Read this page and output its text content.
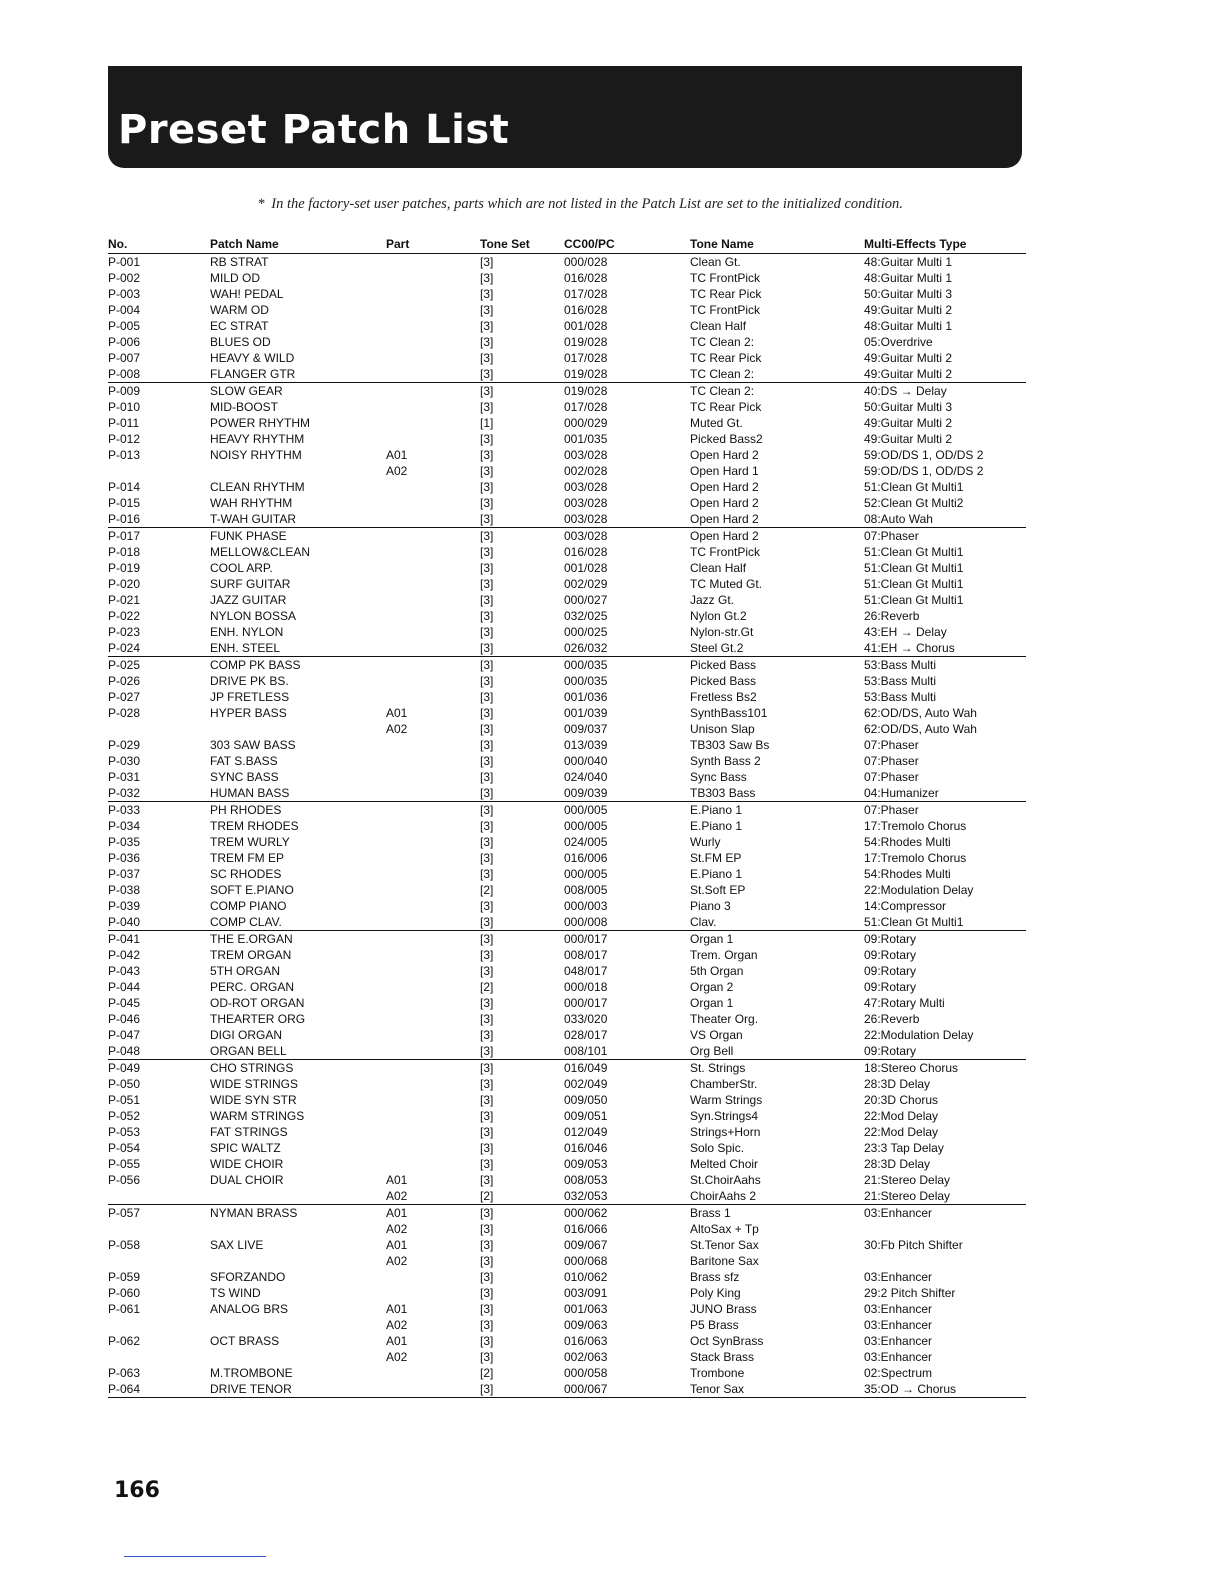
Preset Patch List
* In the factory-set user patches, parts which are not listed in the Patch List are set to the initialized condition.
No.	Patch Name	Part	Tone Set	CC00/PC	Tone Name	Multi-Effects Type
P-001	RB STRAT		[3]	000/028	Clean Gt.	48:Guitar Multi 1
P-002	MILD OD		[3]	016/028	TC FrontPick	48:Guitar Multi 1
P-003	WAH! PEDAL		[3]	017/028	TC Rear Pick	50:Guitar Multi 3
P-004	WARM OD		[3]	016/028	TC FrontPick	49:Guitar Multi 2
P-005	EC STRAT		[3]	001/028	Clean Half	48:Guitar Multi 1
P-006	BLUES OD		[3]	019/028	TC Clean 2:	05:Overdrive
P-007	HEAVY & WILD		[3]	017/028	TC Rear Pick	49:Guitar Multi 2
P-008	FLANGER GTR		[3]	019/028	TC Clean 2:	49:Guitar Multi 2
P-009	SLOW GEAR		[3]	019/028	TC Clean 2:	40:DS → Delay
P-010	MID-BOOST		[3]	017/028	TC Rear Pick	50:Guitar Multi 3
P-011	POWER RHYTHM		[1]	000/029	Muted Gt.	49:Guitar Multi 2
P-012	HEAVY RHYTHM		[3]	001/035	Picked Bass2	49:Guitar Multi 2
P-013	NOISY RHYTHM	A01	[3]	003/028	Open Hard 2	59:OD/DS 1, OD/DS 2
		A02	[3]	002/028	Open Hard 1	59:OD/DS 1, OD/DS 2
P-014	CLEAN RHYTHM		[3]	003/028	Open Hard 2	51:Clean Gt Multi1
P-015	WAH RHYTHM		[3]	003/028	Open Hard 2	52:Clean Gt Multi2
P-016	T-WAH GUITAR		[3]	003/028	Open Hard 2	08:Auto Wah
P-017	FUNK PHASE		[3]	003/028	Open Hard 2	07:Phaser
P-018	MELLOW&CLEAN		[3]	016/028	TC FrontPick	51:Clean Gt Multi1
P-019	COOL ARP.		[3]	001/028	Clean Half	51:Clean Gt Multi1
P-020	SURF GUITAR		[3]	002/029	TC Muted Gt.	51:Clean Gt Multi1
P-021	JAZZ GUITAR		[3]	000/027	Jazz Gt.	51:Clean Gt Multi1
P-022	NYLON BOSSA		[3]	032/025	Nylon Gt.2	26:Reverb
P-023	ENH. NYLON		[3]	000/025	Nylon-str.Gt	43:EH → Delay
P-024	ENH. STEEL		[3]	026/032	Steel Gt.2	41:EH → Chorus
P-025	COMP PK BASS		[3]	000/035	Picked Bass	53:Bass Multi
P-026	DRIVE PK BS.		[3]	000/035	Picked Bass	53:Bass Multi
P-027	JP FRETLESS		[3]	001/036	Fretless Bs2	53:Bass Multi
P-028	HYPER BASS	A01	[3]	001/039	SynthBass101	62:OD/DS, Auto Wah
		A02	[3]	009/037	Unison Slap	62:OD/DS, Auto Wah
P-029	303 SAW BASS		[3]	013/039	TB303 Saw Bs	07:Phaser
P-030	FAT S.BASS		[3]	000/040	Synth Bass 2	07:Phaser
P-031	SYNC BASS		[3]	024/040	Sync Bass	07:Phaser
P-032	HUMAN BASS		[3]	009/039	TB303 Bass	04:Humanizer
P-033	PH RHODES		[3]	000/005	E.Piano 1	07:Phaser
P-034	TREM RHODES		[3]	000/005	E.Piano 1	17:Tremolo Chorus
P-035	TREM WURLY		[3]	024/005	Wurly	54:Rhodes Multi
P-036	TREM FM EP		[3]	016/006	St.FM EP	17:Tremolo Chorus
P-037	SC RHODES		[3]	000/005	E.Piano 1	54:Rhodes Multi
P-038	SOFT E.PIANO		[2]	008/005	St.Soft EP	22:Modulation Delay
P-039	COMP PIANO		[3]	000/003	Piano 3	14:Compressor
P-040	COMP CLAV.		[3]	000/008	Clav.	51:Clean Gt Multi1
P-041	THE E.ORGAN		[3]	000/017	Organ 1	09:Rotary
P-042	TREM ORGAN		[3]	008/017	Trem. Organ	09:Rotary
P-043	5TH ORGAN		[3]	048/017	5th Organ	09:Rotary
P-044	PERC. ORGAN		[2]	000/018	Organ 2	09:Rotary
P-045	OD-ROT ORGAN		[3]	000/017	Organ 1	47:Rotary Multi
P-046	THEARTER ORG		[3]	033/020	Theater Org.	26:Reverb
P-047	DIGI ORGAN		[3]	028/017	VS Organ	22:Modulation Delay
P-048	ORGAN BELL		[3]	008/101	Org Bell	09:Rotary
P-049	CHO STRINGS		[3]	016/049	St. Strings	18:Stereo Chorus
P-050	WIDE STRINGS		[3]	002/049	ChamberStr.	28:3D Delay
P-051	WIDE SYN STR		[3]	009/050	Warm Strings	20:3D Chorus
P-052	WARM STRINGS		[3]	009/051	Syn.Strings4	22:Mod Delay
P-053	FAT STRINGS		[3]	012/049	Strings+Horn	22:Mod Delay
P-054	SPIC WALTZ		[3]	016/046	Solo Spic.	23:3 Tap Delay
P-055	WIDE CHOIR		[3]	009/053	Melted Choir	28:3D Delay
P-056	DUAL CHOIR	A01	[3]	008/053	St.ChoirAahs	21:Stereo Delay
		A02	[2]	032/053	ChoirAahs 2	21:Stereo Delay
P-057	NYMAN BRASS	A01	[3]	000/062	Brass 1	03:Enhancer
		A02	[3]	016/066	AltoSax + Tp	
P-058	SAX LIVE	A01	[3]	009/067	St.Tenor Sax	30:Fb Pitch Shifter
		A02	[3]	000/068	Baritone Sax	
P-059	SFORZANDO		[3]	010/062	Brass sfz	03:Enhancer
P-060	TS WIND		[3]	003/091	Poly King	29:2 Pitch Shifter
P-061	ANALOG BRS	A01	[3]	001/063	JUNO Brass	03:Enhancer
		A02	[3]	009/063	P5 Brass	03:Enhancer
P-062	OCT BRASS	A01	[3]	016/063	Oct SynBrass	03:Enhancer
		A02	[3]	002/063	Stack Brass	03:Enhancer
P-063	M.TROMBONE		[2]	000/058	Trombone	02:Spectrum
P-064	DRIVE TENOR		[3]	000/067	Tenor Sax	35:OD → Chorus
166
